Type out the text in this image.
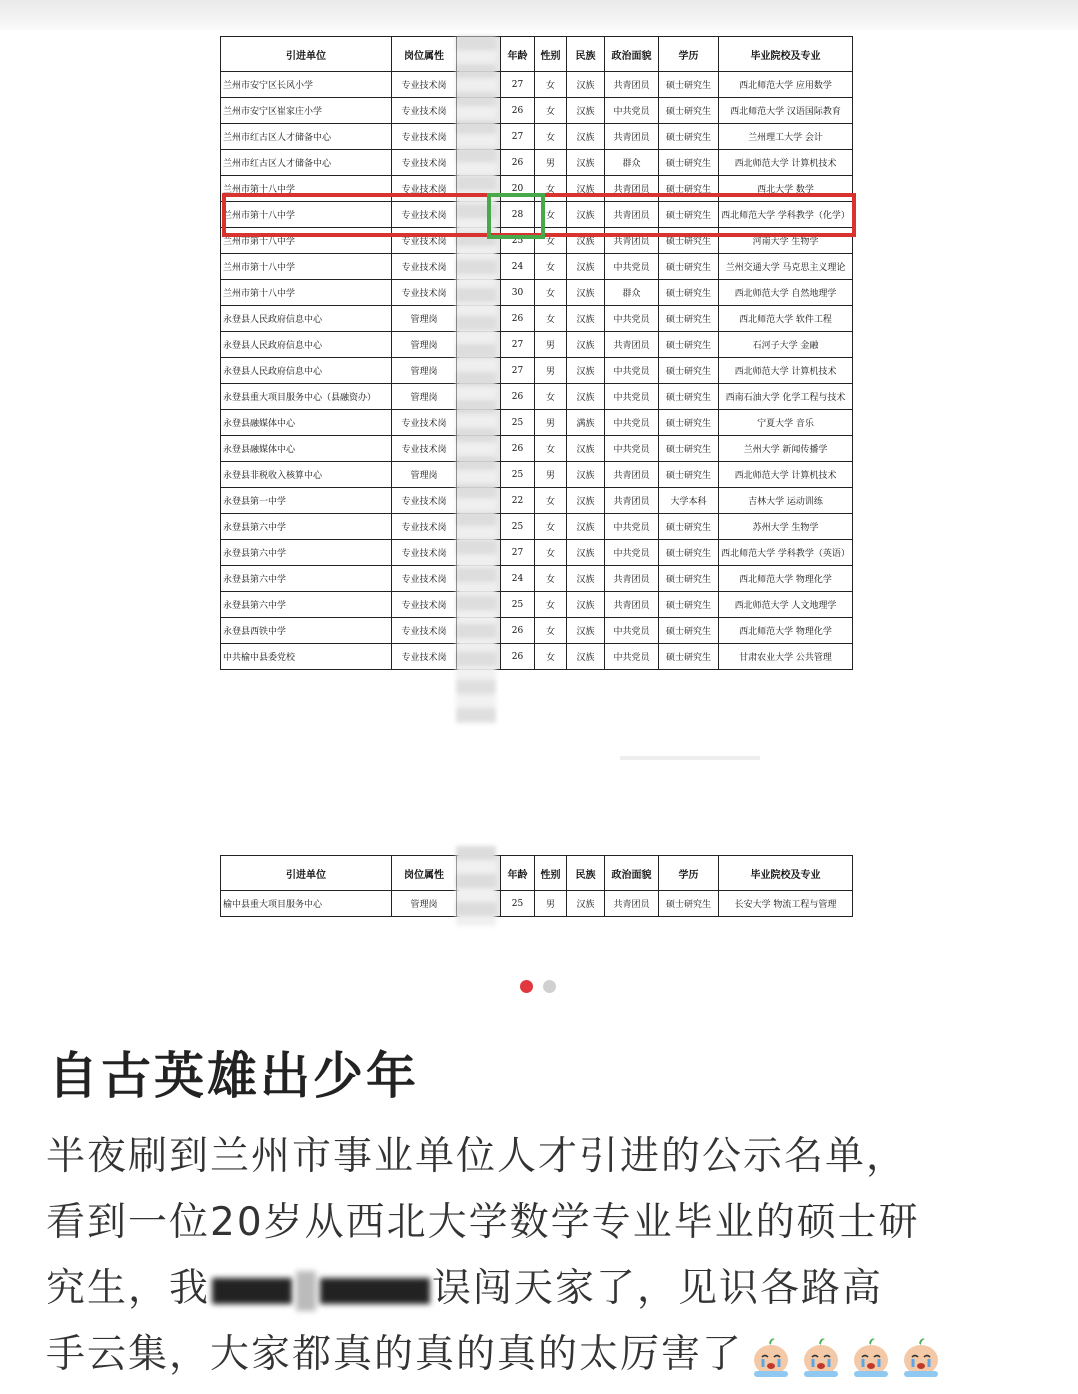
引进单位	岗位属性		年龄	性别	民族	政治面貌	学历	毕业院校及专业
兰州市安宁区长风小学	专业技术岗		27	女	汉族	共青团员	硕士研究生	西北师范大学 应用数学
兰州市安宁区崔家庄小学	专业技术岗		26	女	汉族	中共党员	硕士研究生	西北师范大学 汉语国际教育
兰州市红古区人才储备中心	专业技术岗		27	女	汉族	共青团员	硕士研究生	兰州理工大学 会计
兰州市红古区人才储备中心	专业技术岗		26	男	汉族	群众	硕士研究生	西北师范大学 计算机技术
兰州市第十八中学	专业技术岗		20	女	汉族	共青团员	硕士研究生	西北大学 数学
兰州市第十八中学	专业技术岗		28	女	汉族	共青团员	硕士研究生	西北师范大学 学科教学（化学）
兰州市第十八中学	专业技术岗		25	女	汉族	共青团员	硕士研究生	河南大学 生物学
兰州市第十八中学	专业技术岗		24	女	汉族	中共党员	硕士研究生	兰州交通大学 马克思主义理论
兰州市第十八中学	专业技术岗		30	女	汉族	群众	硕士研究生	西北师范大学 自然地理学
永登县人民政府信息中心	管理岗		26	女	汉族	中共党员	硕士研究生	西北师范大学 软件工程
永登县人民政府信息中心	管理岗		27	男	汉族	共青团员	硕士研究生	石河子大学 金融
永登县人民政府信息中心	管理岗		27	男	汉族	中共党员	硕士研究生	西北师范大学 计算机技术
永登县重大项目服务中心（县融资办）	管理岗		26	女	汉族	中共党员	硕士研究生	西南石油大学 化学工程与技术
永登县融媒体中心	专业技术岗		25	男	满族	中共党员	硕士研究生	宁夏大学 音乐
永登县融媒体中心	专业技术岗		26	女	汉族	中共党员	硕士研究生	兰州大学 新闻传播学
永登县非税收入核算中心	管理岗		25	男	汉族	共青团员	硕士研究生	西北师范大学 计算机技术
永登县第一中学	专业技术岗		22	女	汉族	共青团员	大学本科	吉林大学 运动训练
永登县第六中学	专业技术岗		25	女	汉族	中共党员	硕士研究生	苏州大学 生物学
永登县第六中学	专业技术岗		27	女	汉族	中共党员	硕士研究生	西北师范大学 学科教学（英语）
永登县第六中学	专业技术岗		24	女	汉族	共青团员	硕士研究生	西北师范大学 物理化学
永登县第六中学	专业技术岗		25	女	汉族	共青团员	硕士研究生	西北师范大学 人文地理学
永登县西铁中学	专业技术岗		26	女	汉族	中共党员	硕士研究生	西北师范大学 物理化学
中共榆中县委党校	专业技术岗		26	女	汉族	中共党员	硕士研究生	甘肃农业大学 公共管理
引进单位	岗位属性		年龄	性别	民族	政治面貌	学历	毕业院校及专业
榆中县重大项目服务中心	管理岗		25	男	汉族	共青团员	硕士研究生	长安大学 物流工程与管理
自古英雄出少年
半夜刷到兰州市事业单位人才引进的公示名单，
看到一位20岁从西北大学数学专业毕业的硕士研
究生，我	误闯天家了，见识各路高
手云集，大家都真的真的真的太厉害了
